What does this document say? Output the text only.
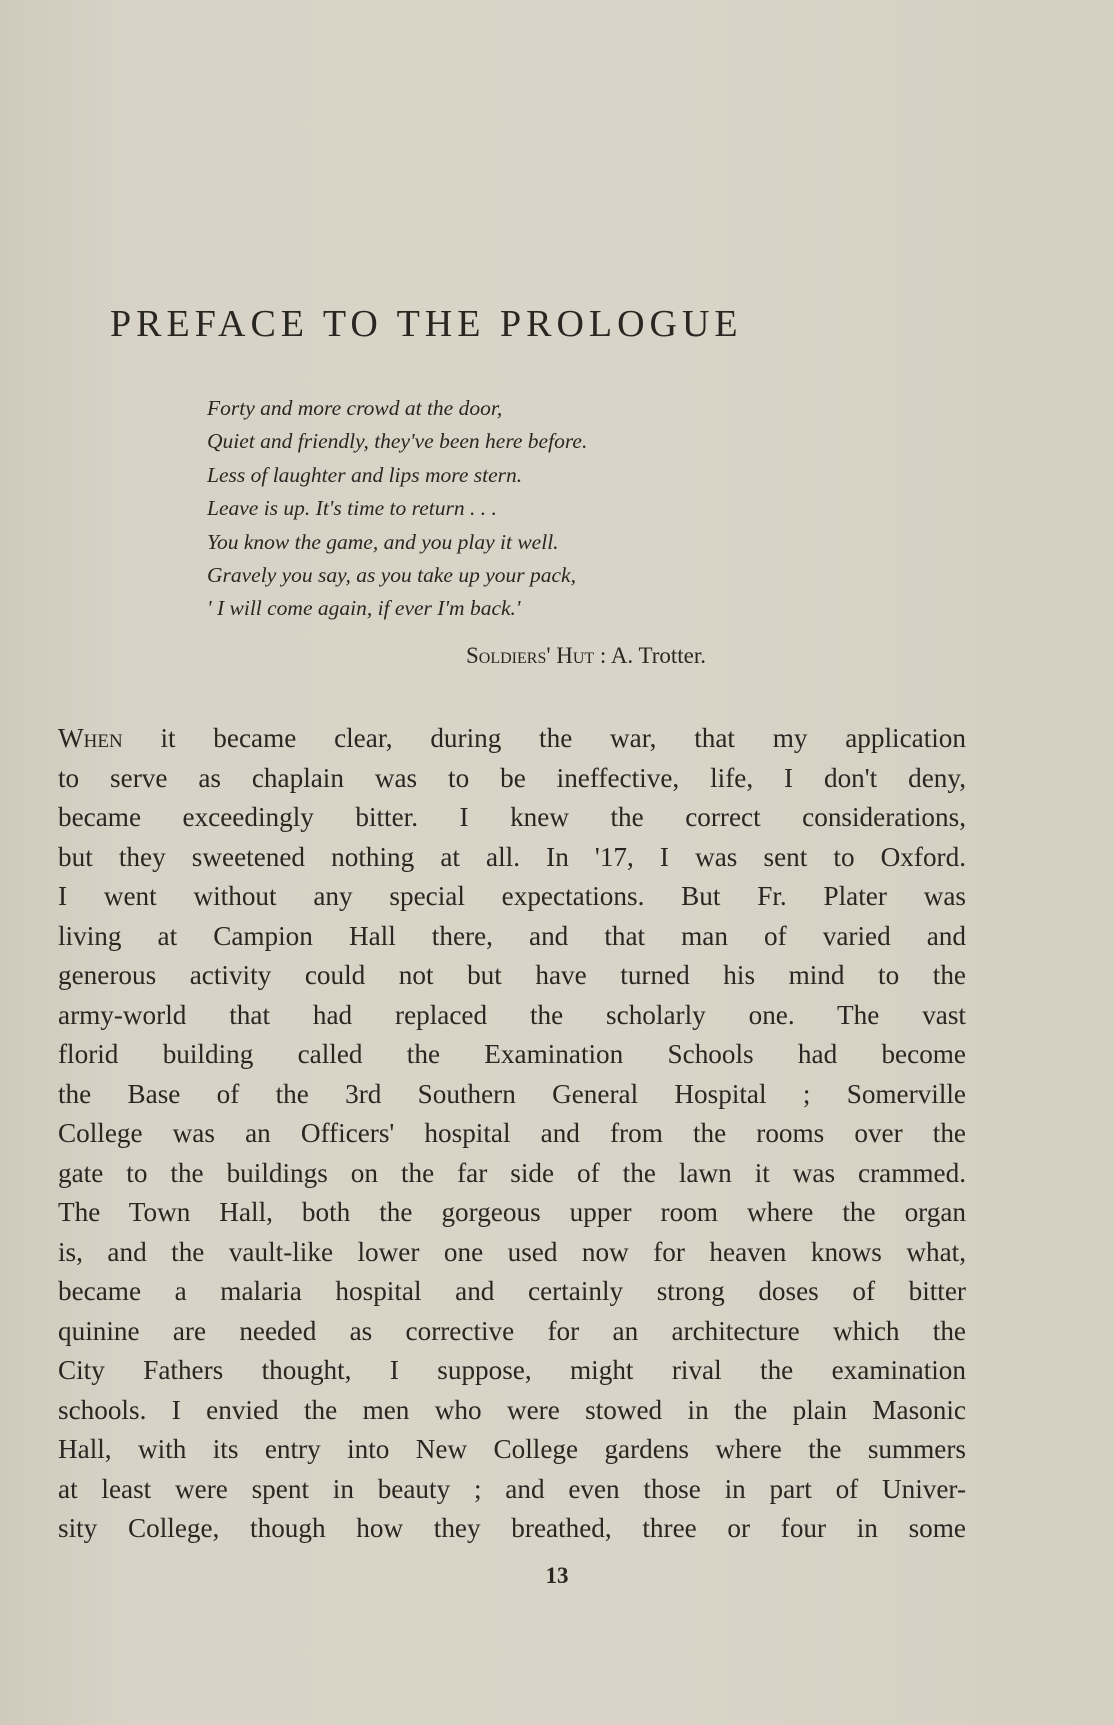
PREFACE TO THE PROLOGUE
Forty and more crowd at the door,
Quiet and friendly, they've been here before.
Less of laughter and lips more stern.
Leave is up. It's time to return . . .
You know the game, and you play it well.
Gravely you say, as you take up your pack,
' I will come again, if ever I'm back.'
Soldiers' Hut : A. Trotter.
When it became clear, during the war, that my application
to serve as chaplain was to be ineffective, life, I don't deny,
became exceedingly bitter. I knew the correct considerations,
but they sweetened nothing at all. In '17, I was sent to Oxford.
I went without any special expectations. But Fr. Plater was
living at Campion Hall there, and that man of varied and
generous activity could not but have turned his mind to the
army-world that had replaced the scholarly one. The vast
florid building called the Examination Schools had become
the Base of the 3rd Southern General Hospital ; Somerville
College was an Officers' hospital and from the rooms over the
gate to the buildings on the far side of the lawn it was crammed.
The Town Hall, both the gorgeous upper room where the organ
is, and the vault-like lower one used now for heaven knows what,
became a malaria hospital and certainly strong doses of bitter
quinine are needed as corrective for an architecture which the
City Fathers thought, I suppose, might rival the examination
schools. I envied the men who were stowed in the plain Masonic
Hall, with its entry into New College gardens where the summers
at least were spent in beauty ; and even those in part of Univer-
sity College, though how they breathed, three or four in some
13
